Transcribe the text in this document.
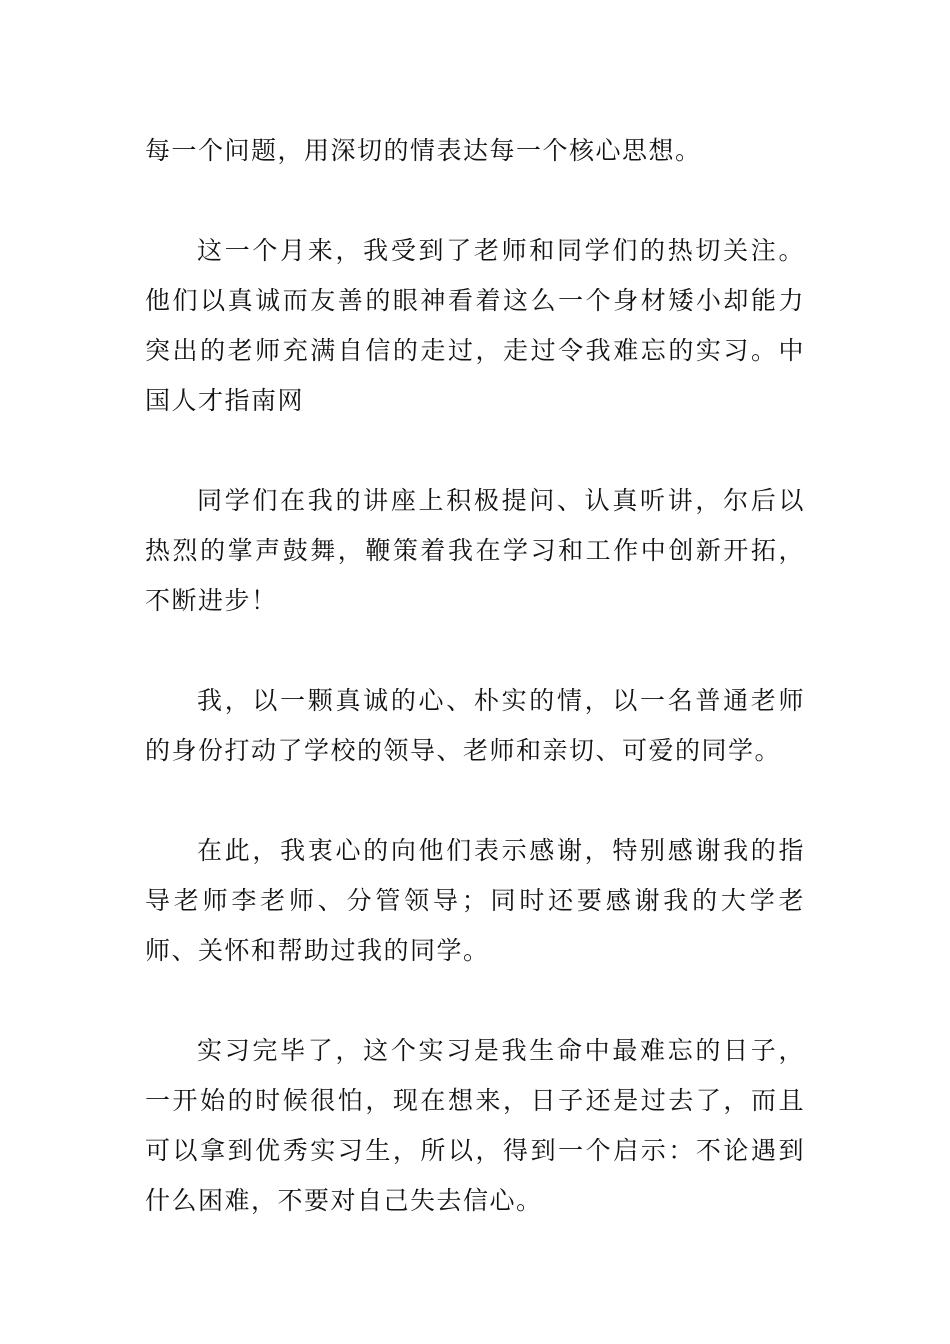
每一个问题，用深切的情表达每一个核心思想。

这一个月来，我受到了老师和同学们的热切关注。他们以真诚而友善的眼神看着这么一个身材矮小却能力突出的老师充满自信的走过，走过令我难忘的实习。中国人才指南网

同学们在我的讲座上积极提问、认真听讲，尔后以热烈的掌声鼓舞，鞭策着我在学习和工作中创新开拓，不断进步！

我，以一颗真诚的心、朴实的情，以一名普通老师的身份打动了学校的领导、老师和亲切、可爱的同学。

在此，我衷心的向他们表示感谢，特别感谢我的指导老师李老师、分管领导；同时还要感谢我的大学老师、关怀和帮助过我的同学。

实习完毕了，这个实习是我生命中最难忘的日子，一开始的时候很怕，现在想来，日子还是过去了，而且可以拿到优秀实习生，所以，得到一个启示：不论遇到什么困难，不要对自己失去信心。
